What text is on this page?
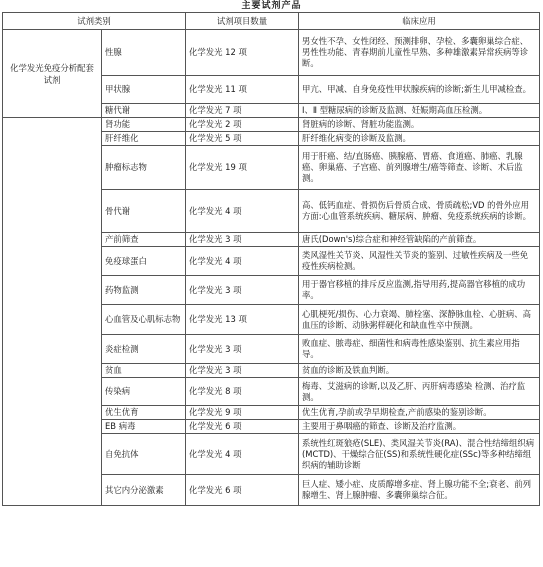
主要试剂产品
试剂类别		试剂项目数量	临床应用
化学发光免疫分析配套试剂	性腺	化学发光 12 项	男女性不孕、女性闭经、预测排卵、孕检、多囊卵巢综合症、男性性功能、青春期前儿童性早熟、多种雄激素异常疾病等诊断。
	甲状腺	化学发光 11 项	甲亢、甲减、自身免疫性甲状腺疾病的诊断;新生儿甲减检查。
	糖代谢	化学发光 7 项	Ⅰ、Ⅱ 型糖尿病的诊断及监测、妊娠期高血压检测。
	肾功能	化学发光 2 项	肾脏病的诊断、肾脏功能监测。
	肝纤维化	化学发光 5 项	肝纤维化病变的诊断及监测。
	肿瘤标志物	化学发光 19 项	用于肝癌、结/直肠癌、胰腺癌、胃癌、食道癌、肺癌、乳腺癌、卵巢癌、子宫癌、前列腺增生/癌等筛查、诊断、术后监测。
	骨代谢	化学发光 4 项	高、低钙血症、骨损伤后骨质合成、骨质疏松;VD 的骨外应用方面:心血管系统疾病、糖尿病、肿瘤、免疫系统疾病的诊断。
	产前筛查	化学发光 3 项	唐氏(Down's)综合症和神经管缺陷的产前筛查。
	免疫球蛋白	化学发光 4 项	类风湿性关节炎、风湿性关节炎的鉴别、过敏性疾病及一些免疫性疾病检测。
	药物监测	化学发光 3 项	用于器官移植的排斥反应监测,指导用药,提高器官移植的成功率。
	心血管及心肌标志物	化学发光 13 项	心肌梗死/损伤、心力衰竭、肺栓塞、深静脉血栓、心脏病、高血压的诊断、动脉粥样硬化和缺血性卒中预测。
	炎症检测	化学发光 3 项	败血症、脓毒症、细菌性和病毒性感染鉴别、抗生素应用指导。
	贫血	化学发光 3 项	贫血的诊断及铁血判断。
	传染病	化学发光 8 项	梅毒、艾滋病的诊断,以及乙肝、丙肝病毒感染 检测、治疗监测。
	优生优育	化学发光 9 项	优生优育,孕前或孕早期检查,产前感染的鉴别诊断。
	EB 病毒	化学发光 6 项	主要用于鼻咽癌的筛查、诊断及治疗监测。
	自免抗体	化学发光 4 项	系统性红斑狼疮(SLE)、类风湿关节炎(RA)、混合性结缔组织病(MCTD)、干燥综合征(SS)和系统性硬化症(SSc)等多种结缔组织病的辅助诊断
	其它内分泌激素	化学发光 6 项	巨人症、矮小症、皮质醇增多症、肾上腺功能不全;衰老、前列腺增生、肾上腺肿瘤、多囊卵巢综合征。
